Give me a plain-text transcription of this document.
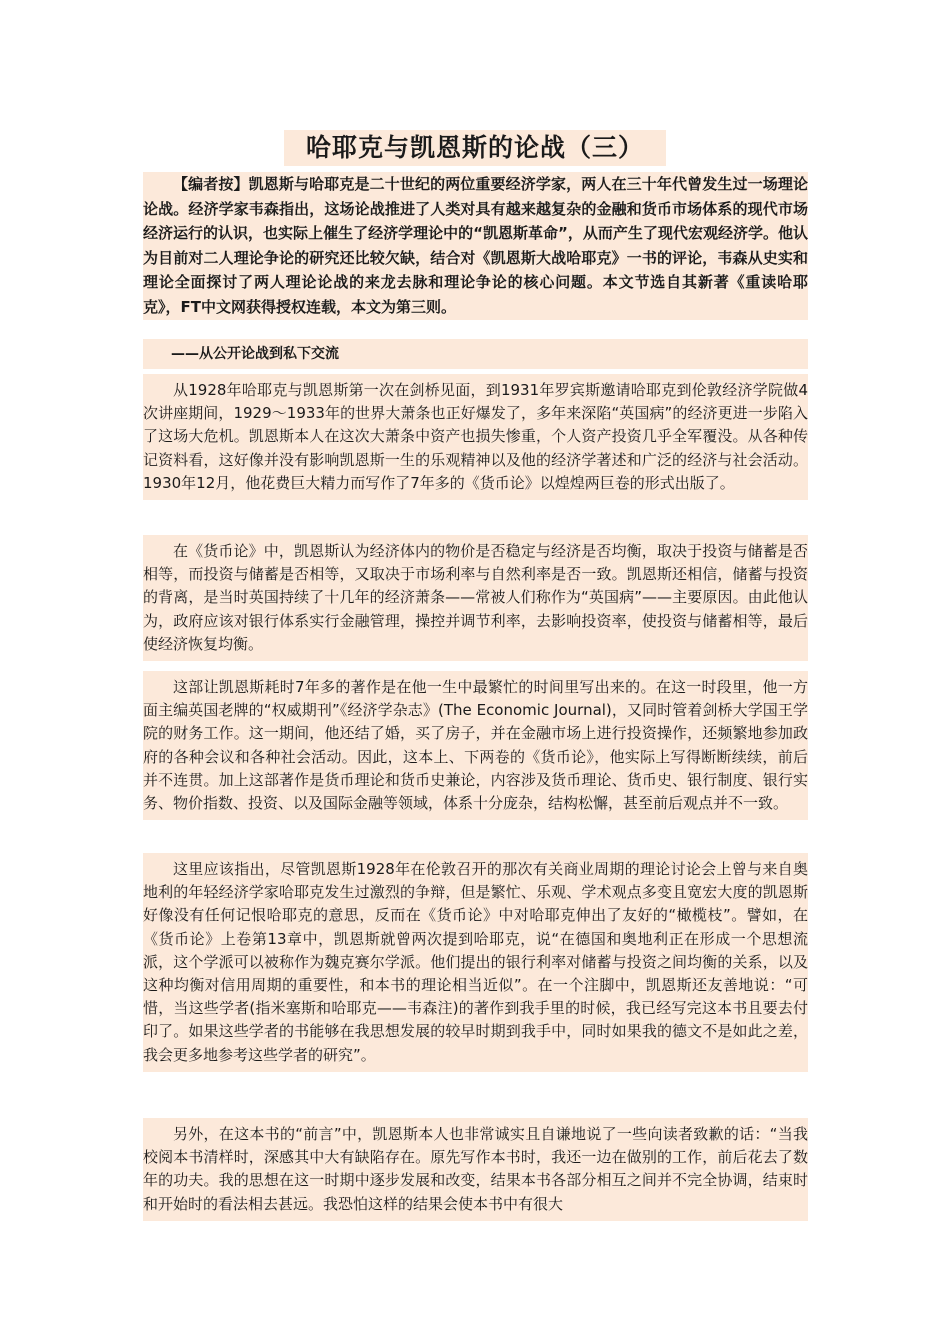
哈耶克与凯恩斯的论战（三）
【编者按】凯恩斯与哈耶克是二十世纪的两位重要经济学家，两人在三十年代曾发生过一场理论论战。经济学家韦森指出，这场论战推进了人类对具有越来越复杂的金融和货币市场体系的现代市场经济运行的认识，也实际上催生了经济学理论中的“凯恩斯革命”，从而产生了现代宏观经济学。他认为目前对二人理论争论的研究还比较欠缺，结合对《凯恩斯大战哈耶克》一书的评论，韦森从史实和理论全面探讨了两人理论论战的来龙去脉和理论争论的核心问题。本文节选自其新著《重读哈耶克》，FT中文网获得授权连载，本文为第三则。
——从公开论战到私下交流
从1928年哈耶克与凯恩斯第一次在剑桥见面，到1931年罗宾斯邀请哈耶克到伦敦经济学院做4次讲座期间，1929～1933年的世界大萧条也正好爆发了，多年来深陷“英国病”的经济更进一步陷入了这场大危机。凯恩斯本人在这次大萧条中资产也损失惨重，个人资产投资几乎全军覆没。从各种传记资料看，这好像并没有影响凯恩斯一生的乐观精神以及他的经济学著述和广泛的经济与社会活动。1930年12月，他花费巨大精力而写作了7年多的《货币论》以煌煌两巨卷的形式出版了。
在《货币论》中，凯恩斯认为经济体内的物价是否稳定与经济是否均衡，取决于投资与储蓄是否相等，而投资与储蓄是否相等，又取决于市场利率与自然利率是否一致。凯恩斯还相信，储蓄与投资的背离，是当时英国持续了十几年的经济萧条——常被人们称作为“英国病”——主要原因。由此他认为，政府应该对银行体系实行金融管理，操控并调节利率，去影响投资率，使投资与储蓄相等，最后使经济恢复均衡。
这部让凯恩斯耗时7年多的著作是在他一生中最繁忙的时间里写出来的。在这一时段里，他一方面主编英国老牌的“权威期刊”《经济学杂志》(The Economic Journal)，又同时管着剑桥大学国王学院的财务工作。这一期间，他还结了婚，买了房子，并在金融市场上进行投资操作，还频繁地参加政府的各种会议和各种社会活动。因此，这本上、下两卷的《货币论》，他实际上写得断断续续，前后并不连贯。加上这部著作是货币理论和货币史兼论，内容涉及货币理论、货币史、银行制度、银行实务、物价指数、投资、以及国际金融等领域，体系十分庞杂，结构松懈，甚至前后观点并不一致。
这里应该指出，尽管凯恩斯1928年在伦敦召开的那次有关商业周期的理论讨论会上曾与来自奥地利的年轻经济学家哈耶克发生过激烈的争辩，但是繁忙、乐观、学术观点多变且宽宏大度的凯恩斯好像没有任何记恨哈耶克的意思，反而在《货币论》中对哈耶克伸出了友好的“橄榄枝”。譬如，在《货币论》上卷第13章中，凯恩斯就曾两次提到哈耶克，说“在德国和奥地利正在形成一个思想流派，这个学派可以被称作为魏克赛尔学派。他们提出的银行利率对储蓄与投资之间均衡的关系，以及这种均衡对信用周期的重要性，和本书的理论相当近似”。在一个注脚中，凯恩斯还友善地说：“可惜，当这些学者(指米塞斯和哈耶克——韦森注)的著作到我手里的时候，我已经写完这本书且要去付印了。如果这些学者的书能够在我思想发展的较早时期到我手中，同时如果我的德文不是如此之差，我会更多地参考这些学者的研究”。
另外，在这本书的“前言”中，凯恩斯本人也非常诚实且自谦地说了一些向读者致歉的话：“当我校阅本书清样时，深感其中大有缺陷存在。原先写作本书时，我还一边在做别的工作，前后花去了数年的功夫。我的思想在这一时期中逐步发展和改变，结果本书各部分相互之间并不完全协调，结束时和开始时的看法相去甚远。我恐怕这样的结果会使本书中有很大
